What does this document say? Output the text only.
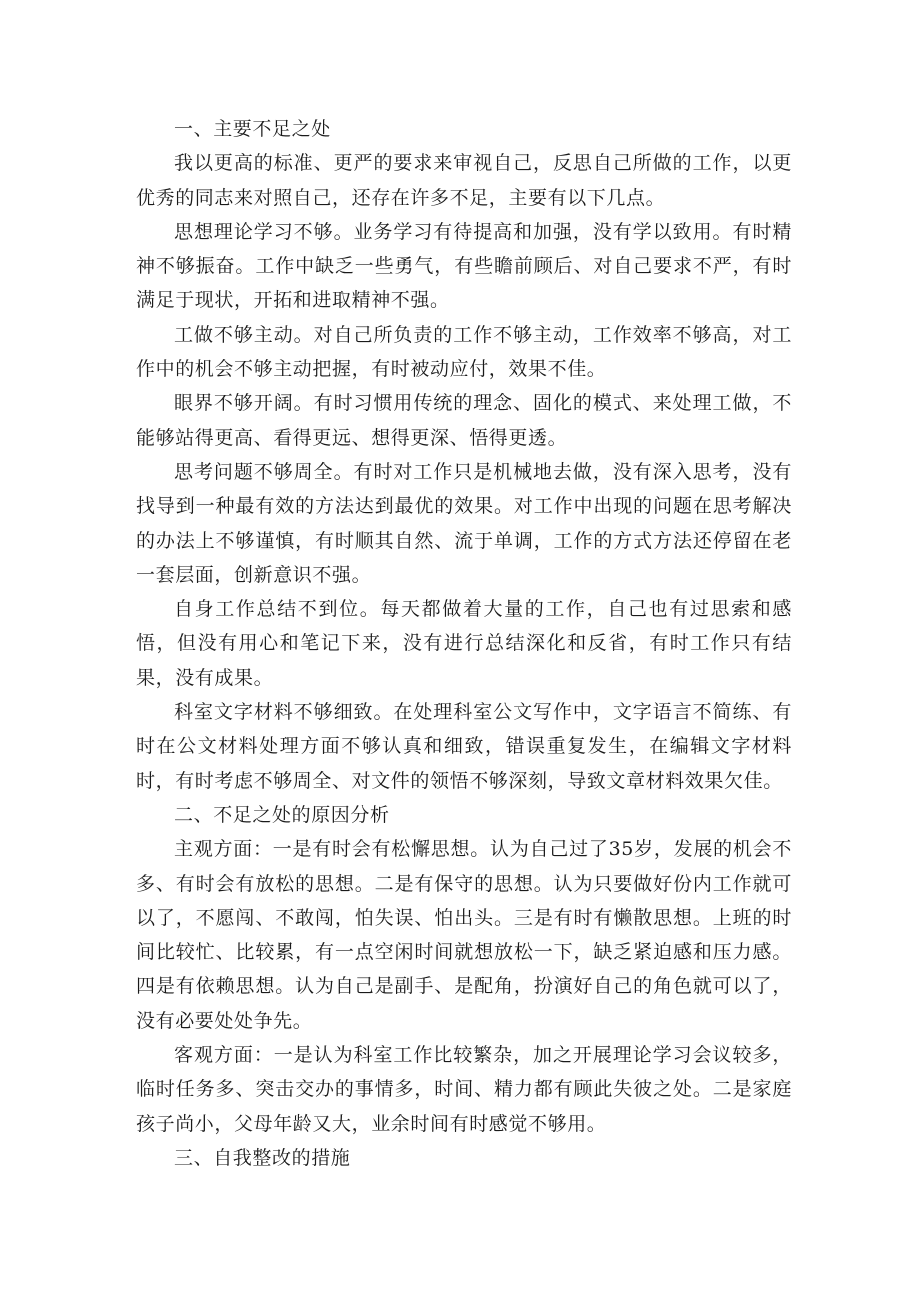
一、主要不足之处

我以更高的标准、更严的要求来审视自己，反思自己所做的工作，以更优秀的同志来对照自己，还存在许多不足，主要有以下几点。

思想理论学习不够。业务学习有待提高和加强，没有学以致用。有时精神不够振奋。工作中缺乏一些勇气，有些瞻前顾后、对自己要求不严，有时满足于现状，开拓和进取精神不强。

工做不够主动。对自己所负责的工作不够主动，工作效率不够高，对工作中的机会不够主动把握，有时被动应付，效果不佳。

眼界不够开阔。有时习惯用传统的理念、固化的模式、来处理工做，不能够站得更高、看得更远、想得更深、悟得更透。

思考问题不够周全。有时对工作只是机械地去做，没有深入思考，没有找导到一种最有效的方法达到最优的效果。对工作中出现的问题在思考解决的办法上不够谨慎，有时顺其自然、流于单调，工作的方式方法还停留在老一套层面，创新意识不强。

自身工作总结不到位。每天都做着大量的工作，自己也有过思索和感悟，但没有用心和笔记下来，没有进行总结深化和反省，有时工作只有结果，没有成果。

科室文字材料不够细致。在处理科室公文写作中，文字语言不简练、有时在公文材料处理方面不够认真和细致，错误重复发生，在编辑文字材料时，有时考虑不够周全、对文件的领悟不够深刻，导致文章材料效果欠佳。

二、不足之处的原因分析

主观方面：一是有时会有松懈思想。认为自己过了35岁，发展的机会不多、有时会有放松的思想。二是有保守的思想。认为只要做好份内工作就可以了，不愿闯、不敢闯，怕失误、怕出头。三是有时有懒散思想。上班的时间比较忙、比较累，有一点空闲时间就想放松一下，缺乏紧迫感和压力感。四是有依赖思想。认为自己是副手、是配角，扮演好自己的角色就可以了，没有必要处处争先。

客观方面：一是认为科室工作比较繁杂，加之开展理论学习会议较多，临时任务多、突击交办的事情多，时间、精力都有顾此失彼之处。二是家庭孩子尚小，父母年龄又大，业余时间有时感觉不够用。

三、自我整改的措施
